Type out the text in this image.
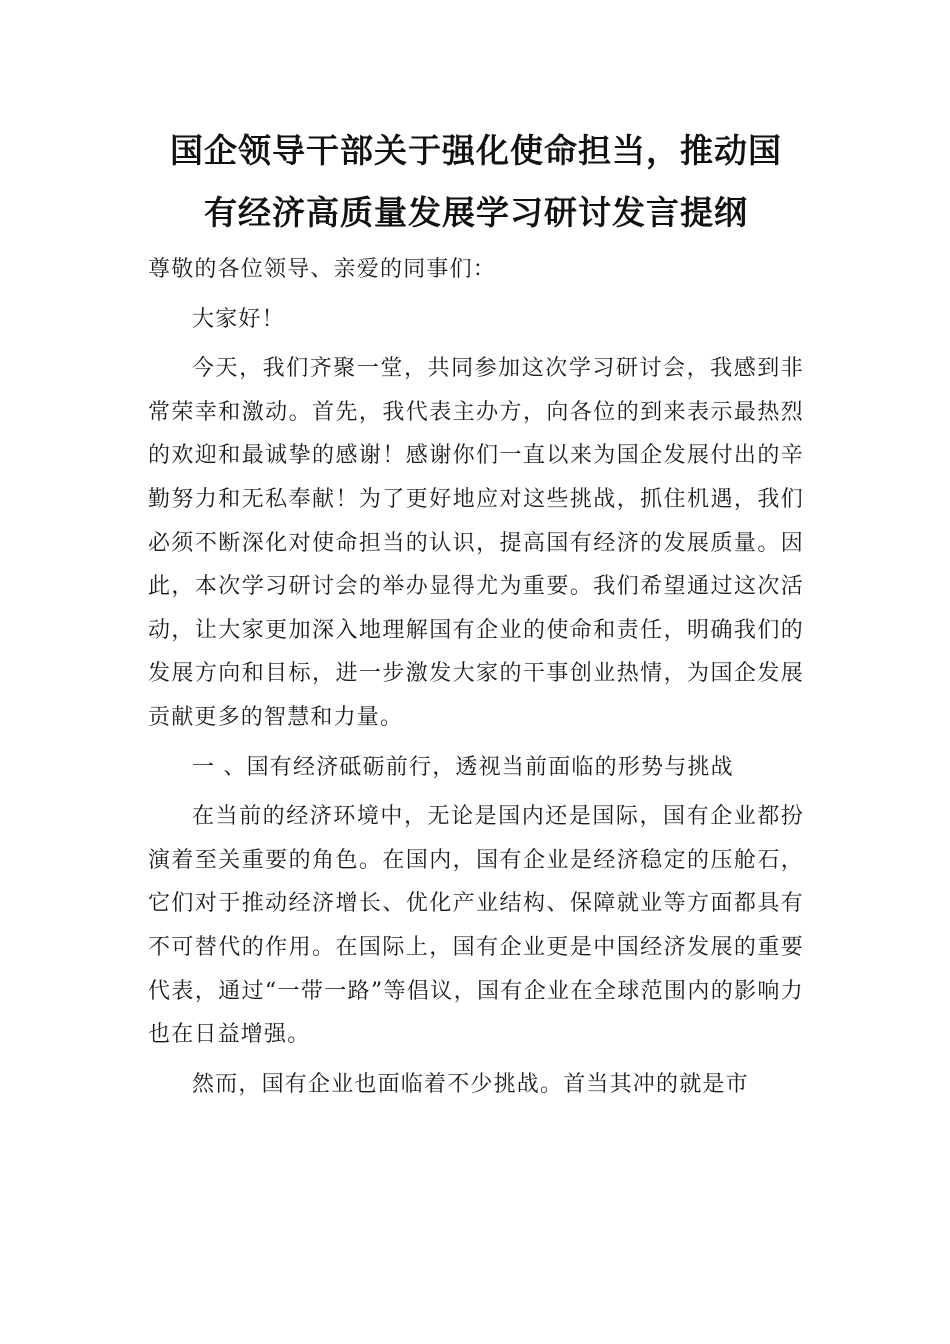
国企领导干部关于强化使命担当，推动国
有经济高质量发展学习研讨发言提纲

尊敬的各位领导、亲爱的同事们：

大家好！

今天，我们齐聚一堂，共同参加这次学习研讨会，我感到非常荣幸和激动。首先，我代表主办方，向各位的到来表示最热烈的欢迎和最诚挚的感谢！感谢你们一直以来为国企发展付出的辛勤努力和无私奉献！为了更好地应对这些挑战，抓住机遇，我们必须不断深化对使命担当的认识，提高国有经济的发展质量。因此，本次学习研讨会的举办显得尤为重要。我们希望通过这次活动，让大家更加深入地理解国有企业的使命和责任，明确我们的发展方向和目标，进一步激发大家的干事创业热情，为国企发展贡献更多的智慧和力量。

一 、国有经济砥砺前行，透视当前面临的形势与挑战

在当前的经济环境中，无论是国内还是国际，国有企业都扮演着至关重要的角色。在国内，国有企业是经济稳定的压舱石，它们对于推动经济增长、优化产业结构、保障就业等方面都具有不可替代的作用。在国际上，国有企业更是中国经济发展的重要代表，通过“一带一路”等倡议，国有企业在全球范围内的影响力也在日益增强。

然而，国有企业也面临着不少挑战。首当其冲的就是市
